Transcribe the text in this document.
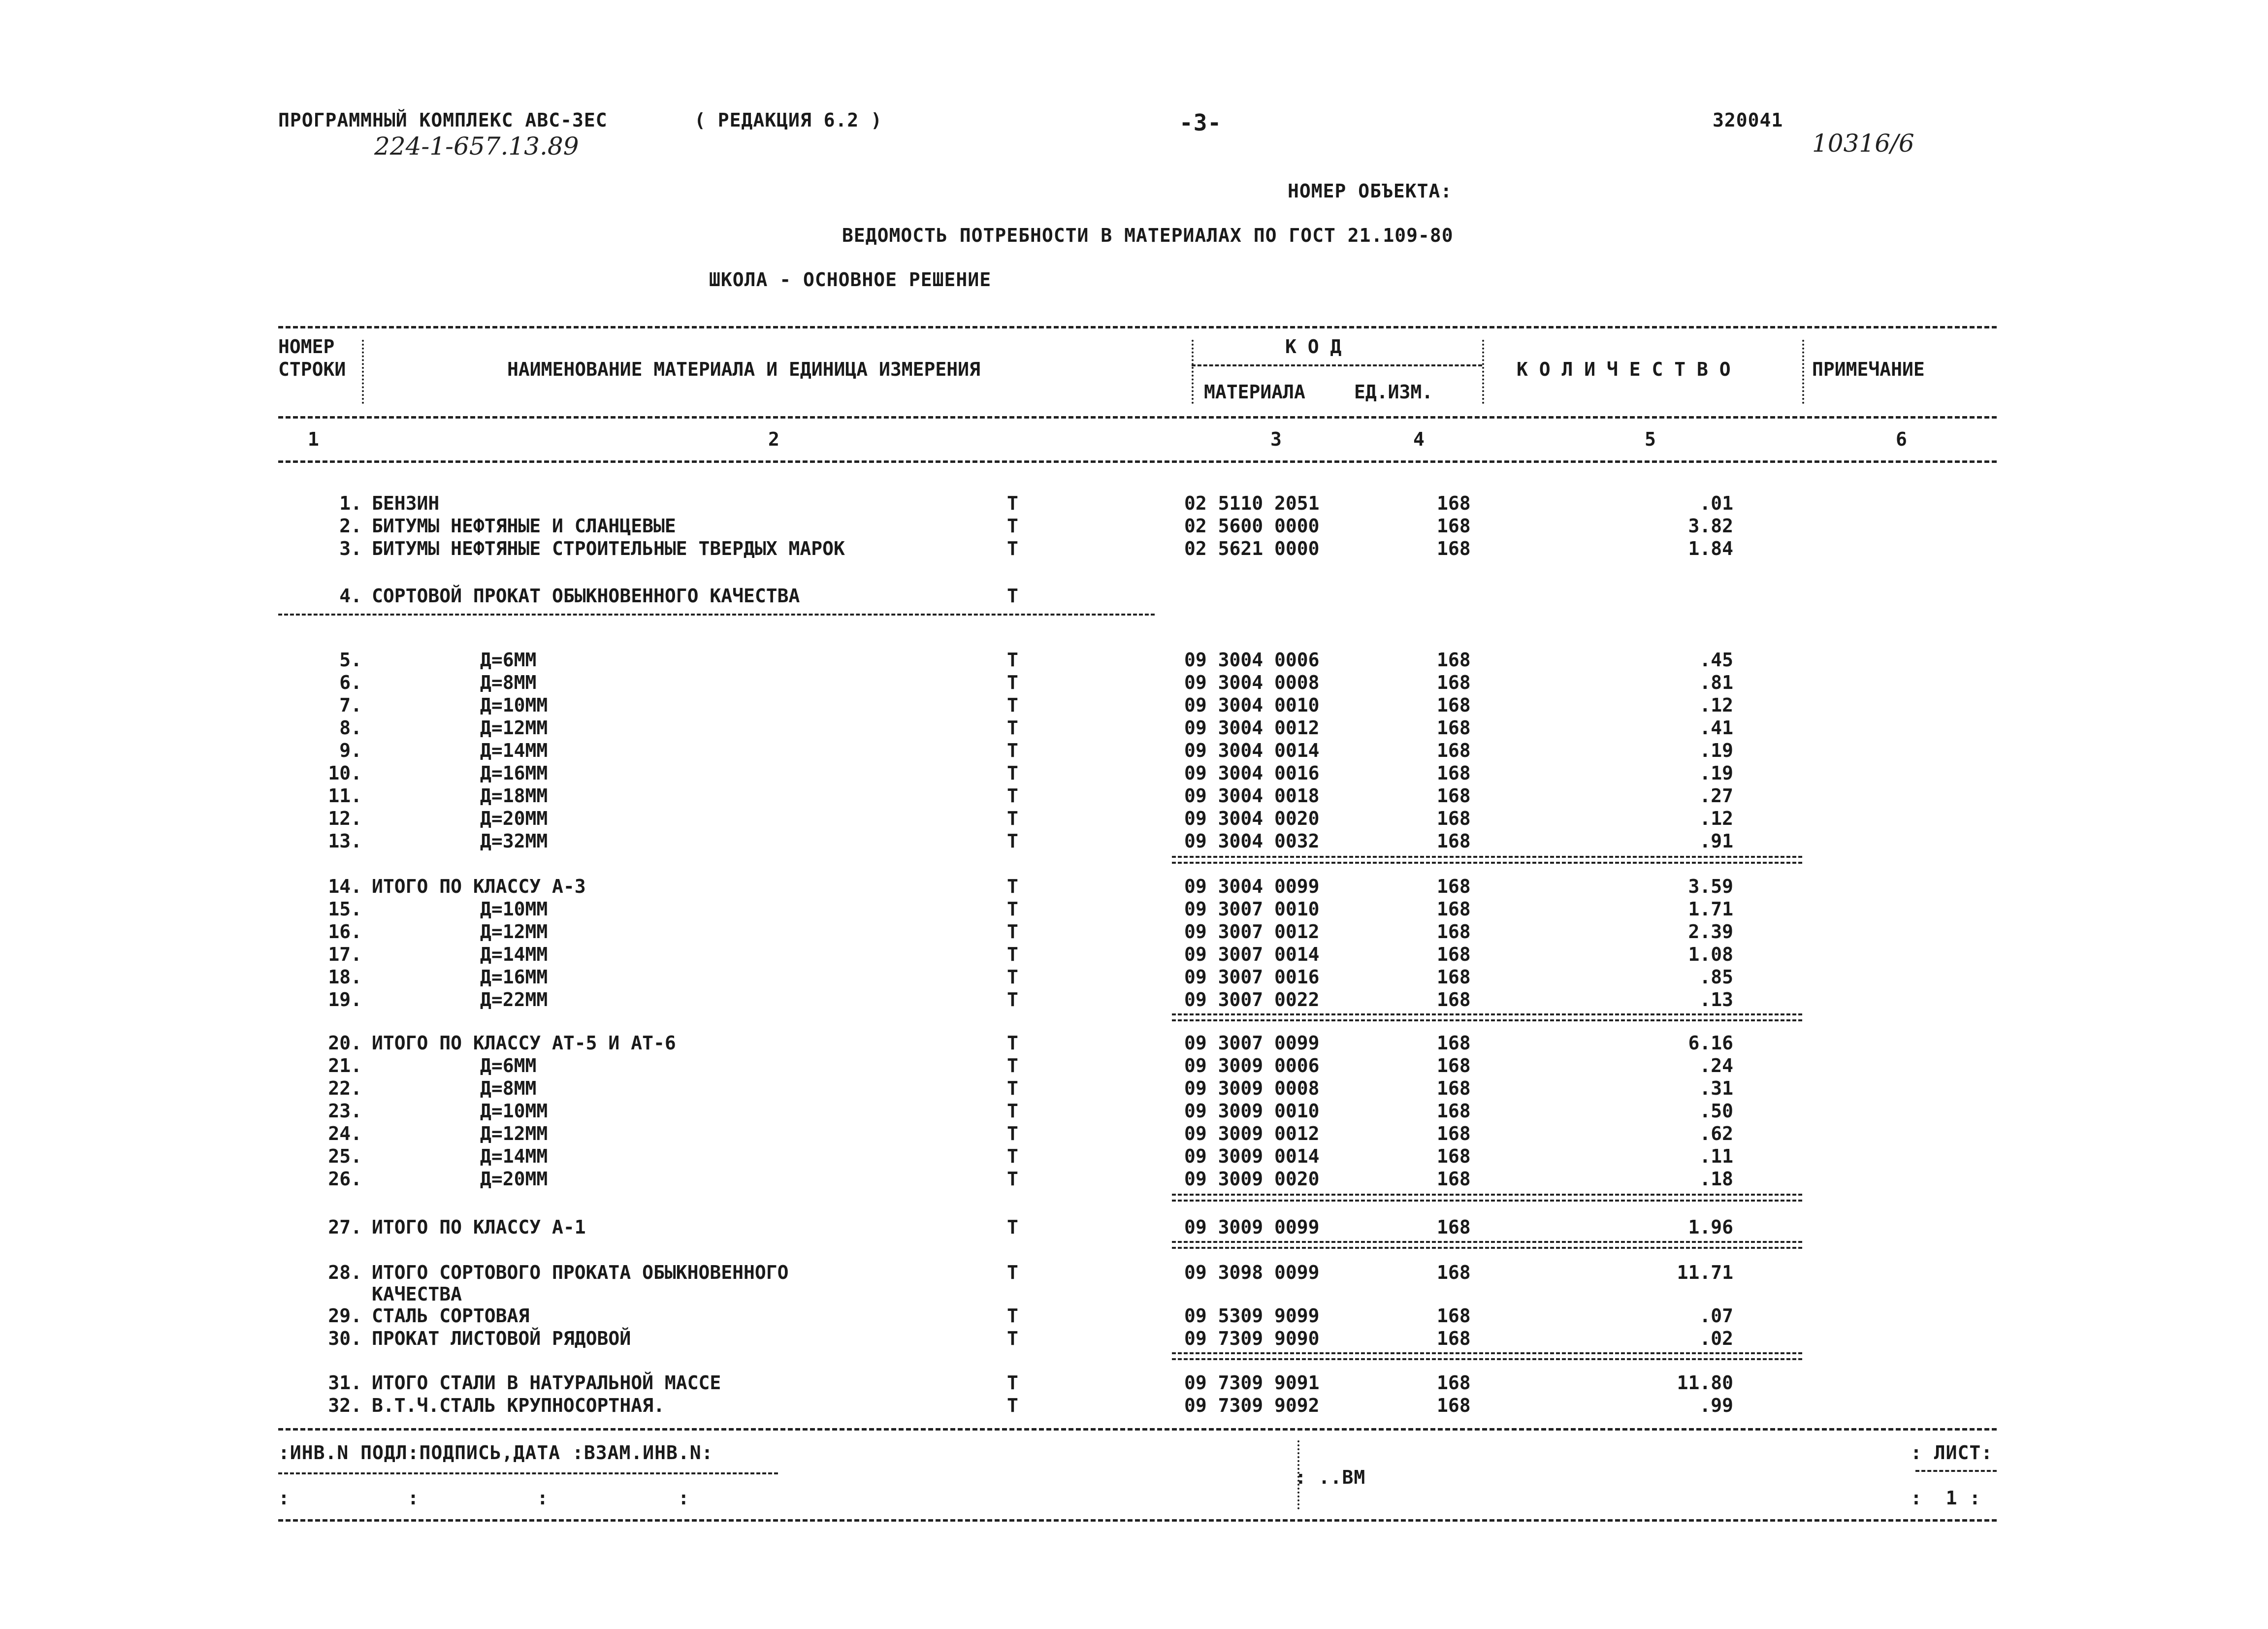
ПРОГРАММНЫЙ КОМПЛЕКС АВС-ЗЕС	( РЕДАКЦИЯ 6.2 )	-3-	320041
224-1-657.13.89	10316/6
НОМЕР ОБЪЕКТА:
ВЕДОМОСТЬ ПОТРЕБНОСТИ В МАТЕРИАЛАХ ПО ГОСТ 21.109-80
ШКОЛА - ОСНОВНОЕ РЕШЕНИЕ
НОМЕР
СТРОКИ	НАИМЕНОВАНИЕ МАТЕРИАЛА И ЕДИНИЦА ИЗМЕРЕНИЯ
К О Д
МАТЕРИАЛА	ЕД.ИЗМ.
К О Л И Ч Е С Т В О	ПРИМЕЧАНИЕ
1	2	3	4	5	6
1. БЕНЗИН	Т	02 5110 2051	168	.01
2. БИТУМЫ НЕФТЯНЫЕ И СЛАНЦЕВЫЕ	Т	02 5600 0000	168	3.82
3. БИТУМЫ НЕФТЯНЫЕ СТРОИТЕЛЬНЫЕ ТВЕРДЫХ МАРОК	Т	02 5621 0000	168	1.84
4. СОРТОВОЙ ПРОКАТ ОБЫКНОВЕННОГО КАЧЕСТВА	Т
5.	Д=6ММ	Т	09 3004 0006	168	.45
6.	Д=8ММ	Т	09 3004 0008	168	.81
7.	Д=10ММ	Т	09 3004 0010	168	.12
8.	Д=12ММ	Т	09 3004 0012	168	.41
9.	Д=14ММ	Т	09 3004 0014	168	.19
10.	Д=16ММ	Т	09 3004 0016	168	.19
11.	Д=18ММ	Т	09 3004 0018	168	.27
12.	Д=20ММ	Т	09 3004 0020	168	.12
13.	Д=32ММ	Т	09 3004 0032	168	.91
14. ИТОГО ПО КЛАССУ А-3	Т	09 3004 0099	168	3.59
15.	Д=10ММ	Т	09 3007 0010	168	1.71
16.	Д=12ММ	Т	09 3007 0012	168	2.39
17.	Д=14ММ	Т	09 3007 0014	168	1.08
18.	Д=16ММ	Т	09 3007 0016	168	.85
19.	Д=22ММ	Т	09 3007 0022	168	.13
20. ИТОГО ПО КЛАССУ АТ-5 И АТ-6	Т	09 3007 0099	168	6.16
21.	Д=6ММ	Т	09 3009 0006	168	.24
22.	Д=8ММ	Т	09 3009 0008	168	.31
23.	Д=10ММ	Т	09 3009 0010	168	.50
24.	Д=12ММ	Т	09 3009 0012	168	.62
25.	Д=14ММ	Т	09 3009 0014	168	.11
26.	Д=20ММ	Т	09 3009 0020	168	.18
27. ИТОГО ПО КЛАССУ А-1	Т	09 3009 0099	168	1.96
28. ИТОГО СОРТОВОГО ПРОКАТА ОБЫКНОВЕННОГО	Т	09 3098 0099	168	11.71
КАЧЕСТВА
29. СТАЛЬ СОРТОВАЯ	Т	09 5309 9099	168	.07
30. ПРОКАТ ЛИСТОВОЙ РЯДОВОЙ	Т	09 7309 9090	168	.02
31. ИТОГО СТАЛИ В НАТУРАЛЬНОЙ МАССЕ	Т	09 7309 9091	168	11.80
32. В.Т.Ч.СТАЛЬ КРУПНОСОРТНАЯ.	Т	09 7309 9092	168	.99
:ИНВ.N ПОДЛ:ПОДПИСЬ,ДАТА :ВЗАМ.ИНВ.N:
:          :          :           :
: ..ВМ
: ЛИСТ:
:  1 :
